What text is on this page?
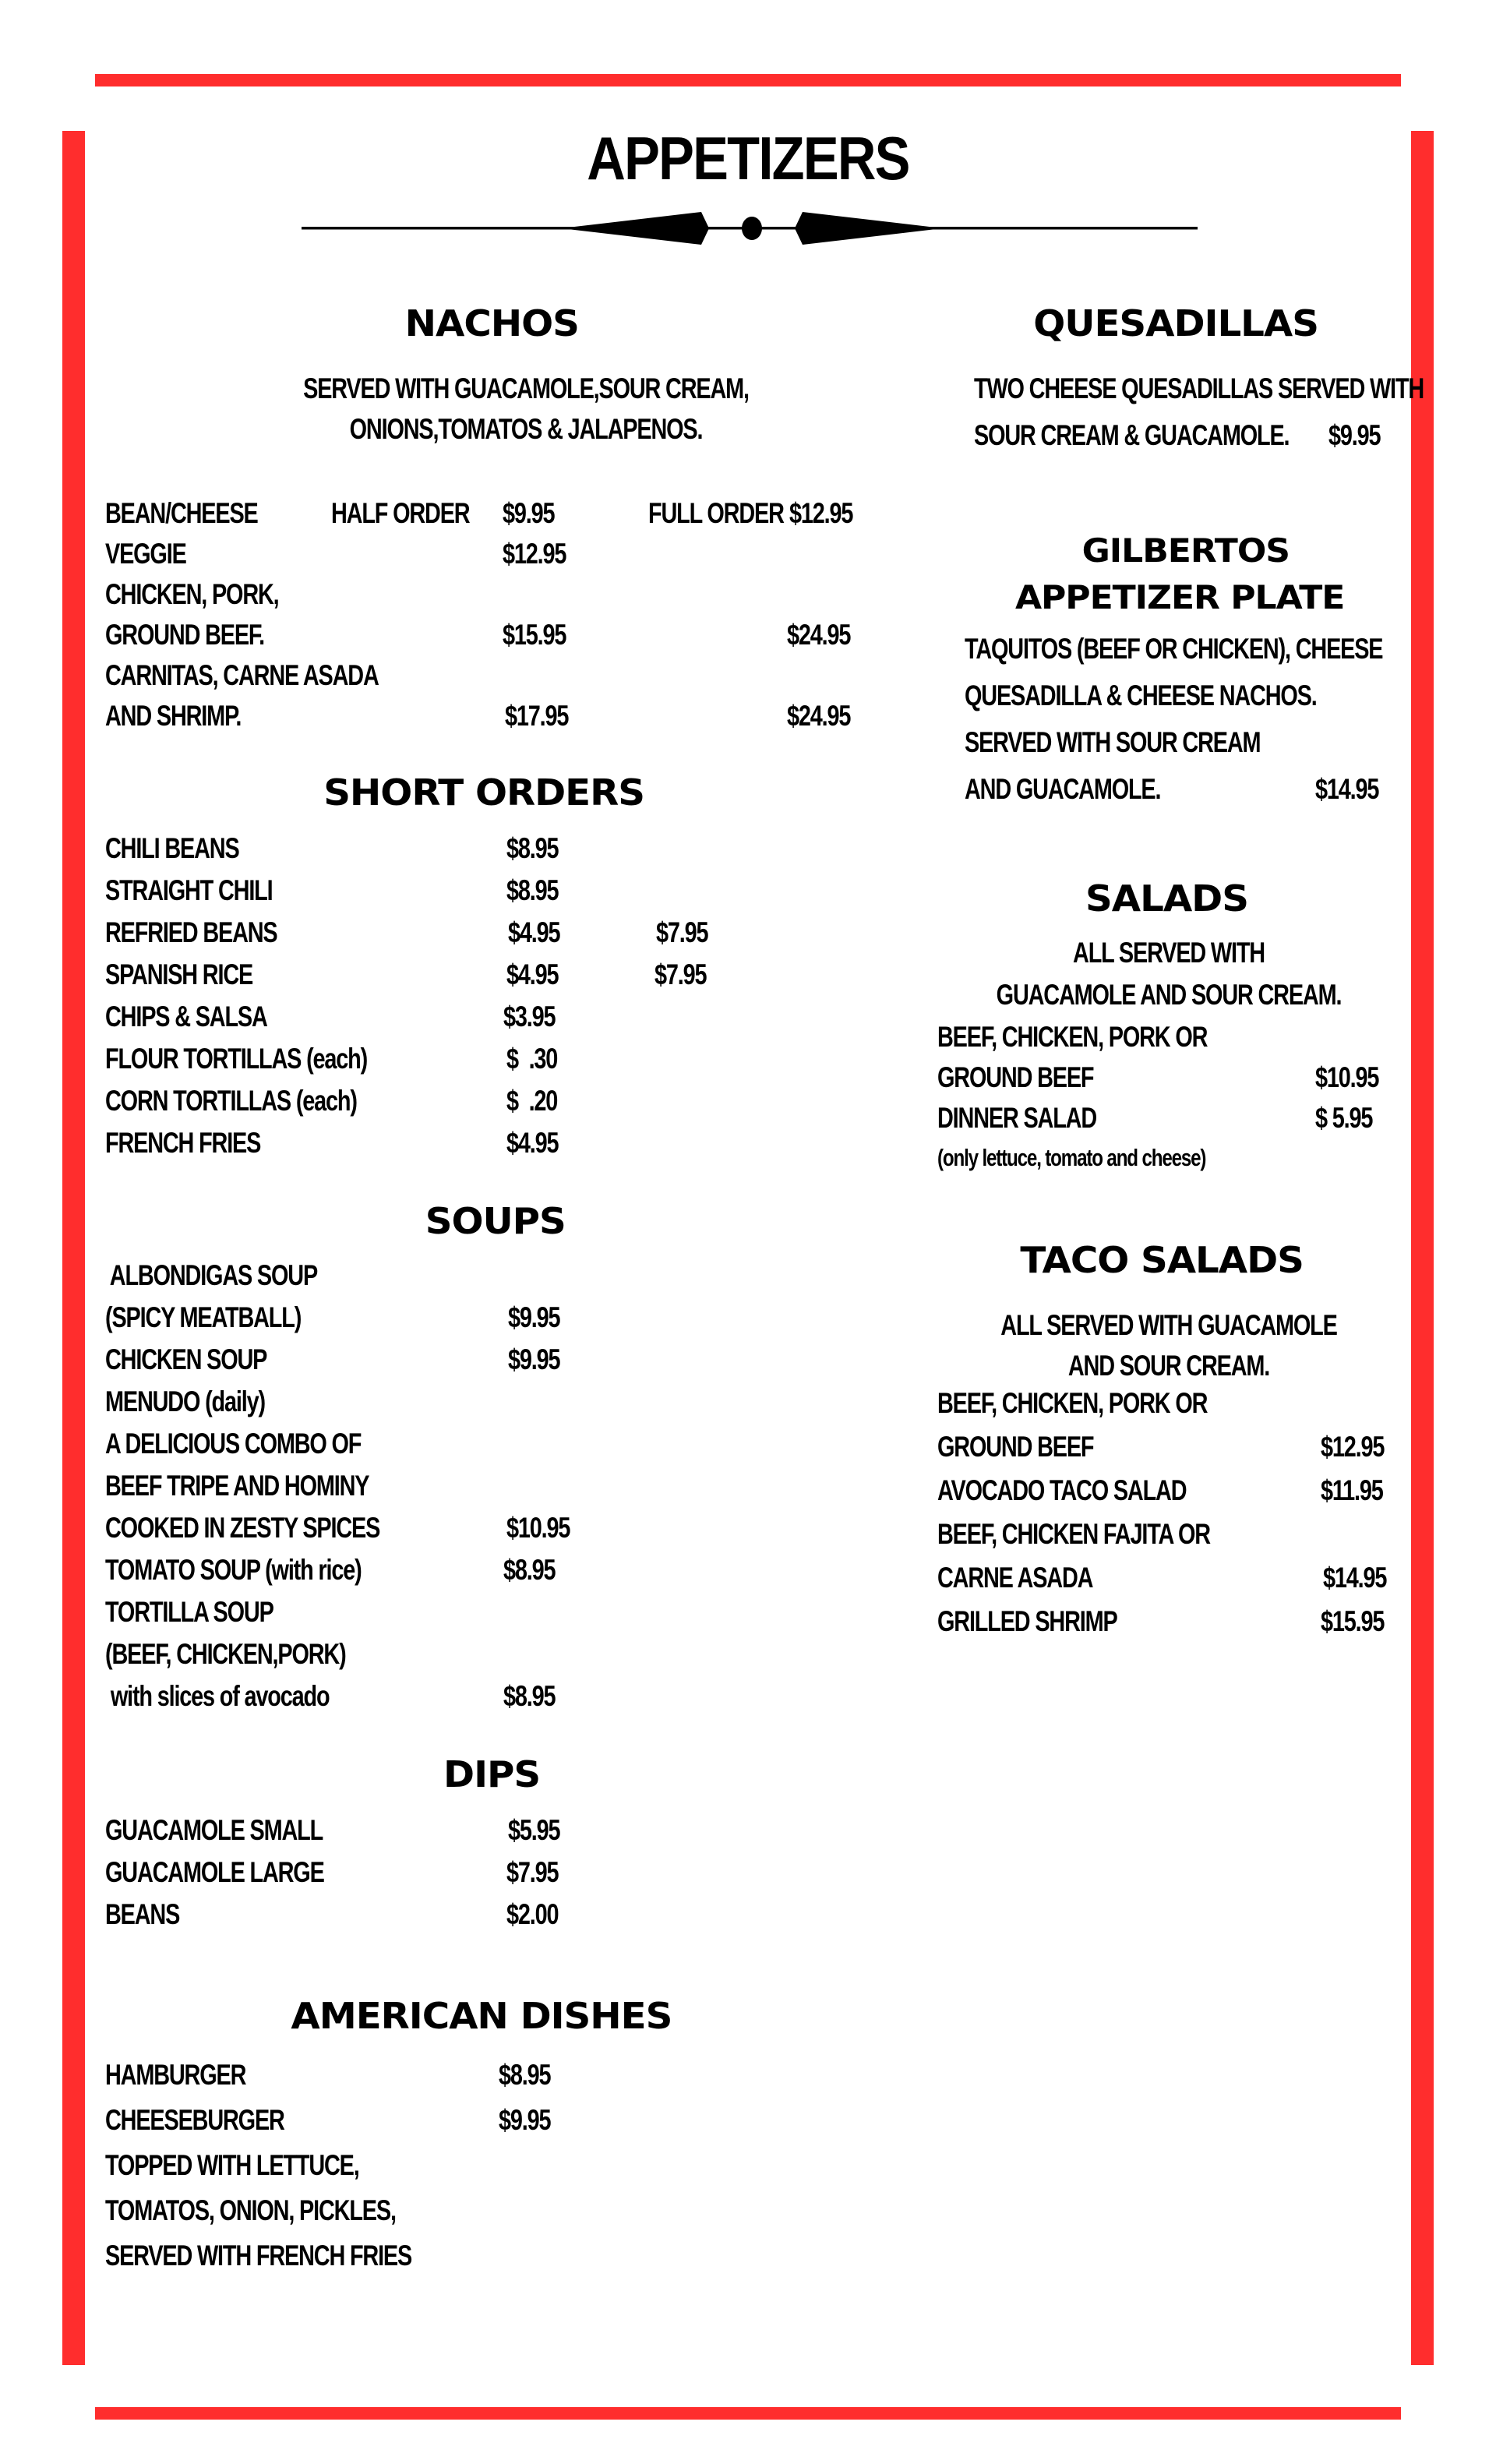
APPETIZERS
NACHOS
SERVED WITH GUACAMOLE,SOUR CREAM,
ONIONS,TOMATOS & JALAPENOS.
BEAN/CHEESE	HALF ORDER $9.95	FULL ORDER $12.95
VEGGIE	$12.95
CHICKEN, PORK,
GROUND BEEF.	$15.95	$24.95
CARNITAS, CARNE ASADA
AND SHRIMP.	$17.95	$24.95
SHORT ORDERS
CHILI BEANS	$8.95
STRAIGHT CHILI	$8.95
REFRIED BEANS	$4.95	$7.95
SPANISH RICE	$4.95	$7.95
CHIPS & SALSA	$3.95
FLOUR TORTILLAS (each)	$  .30
CORN TORTILLAS (each)	$  .20
FRENCH FRIES	$4.95
SOUPS
ALBONDIGAS SOUP
(SPICY MEATBALL)	$9.95
CHICKEN SOUP	$9.95
MENUDO (daily)
A DELICIOUS COMBO OF
BEEF TRIPE AND HOMINY
COOKED IN ZESTY SPICES	$10.95
TOMATO SOUP (with rice)	$8.95
TORTILLA SOUP
(BEEF, CHICKEN,PORK)
with slices of avocado	$8.95
DIPS
GUACAMOLE SMALL	$5.95
GUACAMOLE LARGE	$7.95
BEANS	$2.00
AMERICAN DISHES
HAMBURGER	$8.95
CHEESEBURGER	$9.95
TOPPED WITH LETTUCE,
TOMATOS, ONION, PICKLES,
SERVED WITH FRENCH FRIES
QUESADILLAS
TWO CHEESE QUESADILLAS SERVED WITH
SOUR CREAM & GUACAMOLE. $9.95
GILBERTOS
APPETIZER PLATE
TAQUITOS (BEEF OR CHICKEN), CHEESE
QUESADILLA & CHEESE NACHOS.
SERVED WITH SOUR CREAM
AND GUACAMOLE.	$14.95
SALADS
ALL SERVED WITH
GUACAMOLE AND SOUR CREAM.
BEEF, CHICKEN, PORK OR
GROUND BEEF	$10.95
DINNER SALAD	$ 5.95
(only lettuce, tomato and cheese)
TACO SALADS
ALL SERVED WITH GUACAMOLE
AND SOUR CREAM.
BEEF, CHICKEN, PORK OR
GROUND BEEF	$12.95
AVOCADO TACO SALAD	$11.95
BEEF, CHICKEN FAJITA OR
CARNE ASADA	$14.95
GRILLED SHRIMP	$15.95
